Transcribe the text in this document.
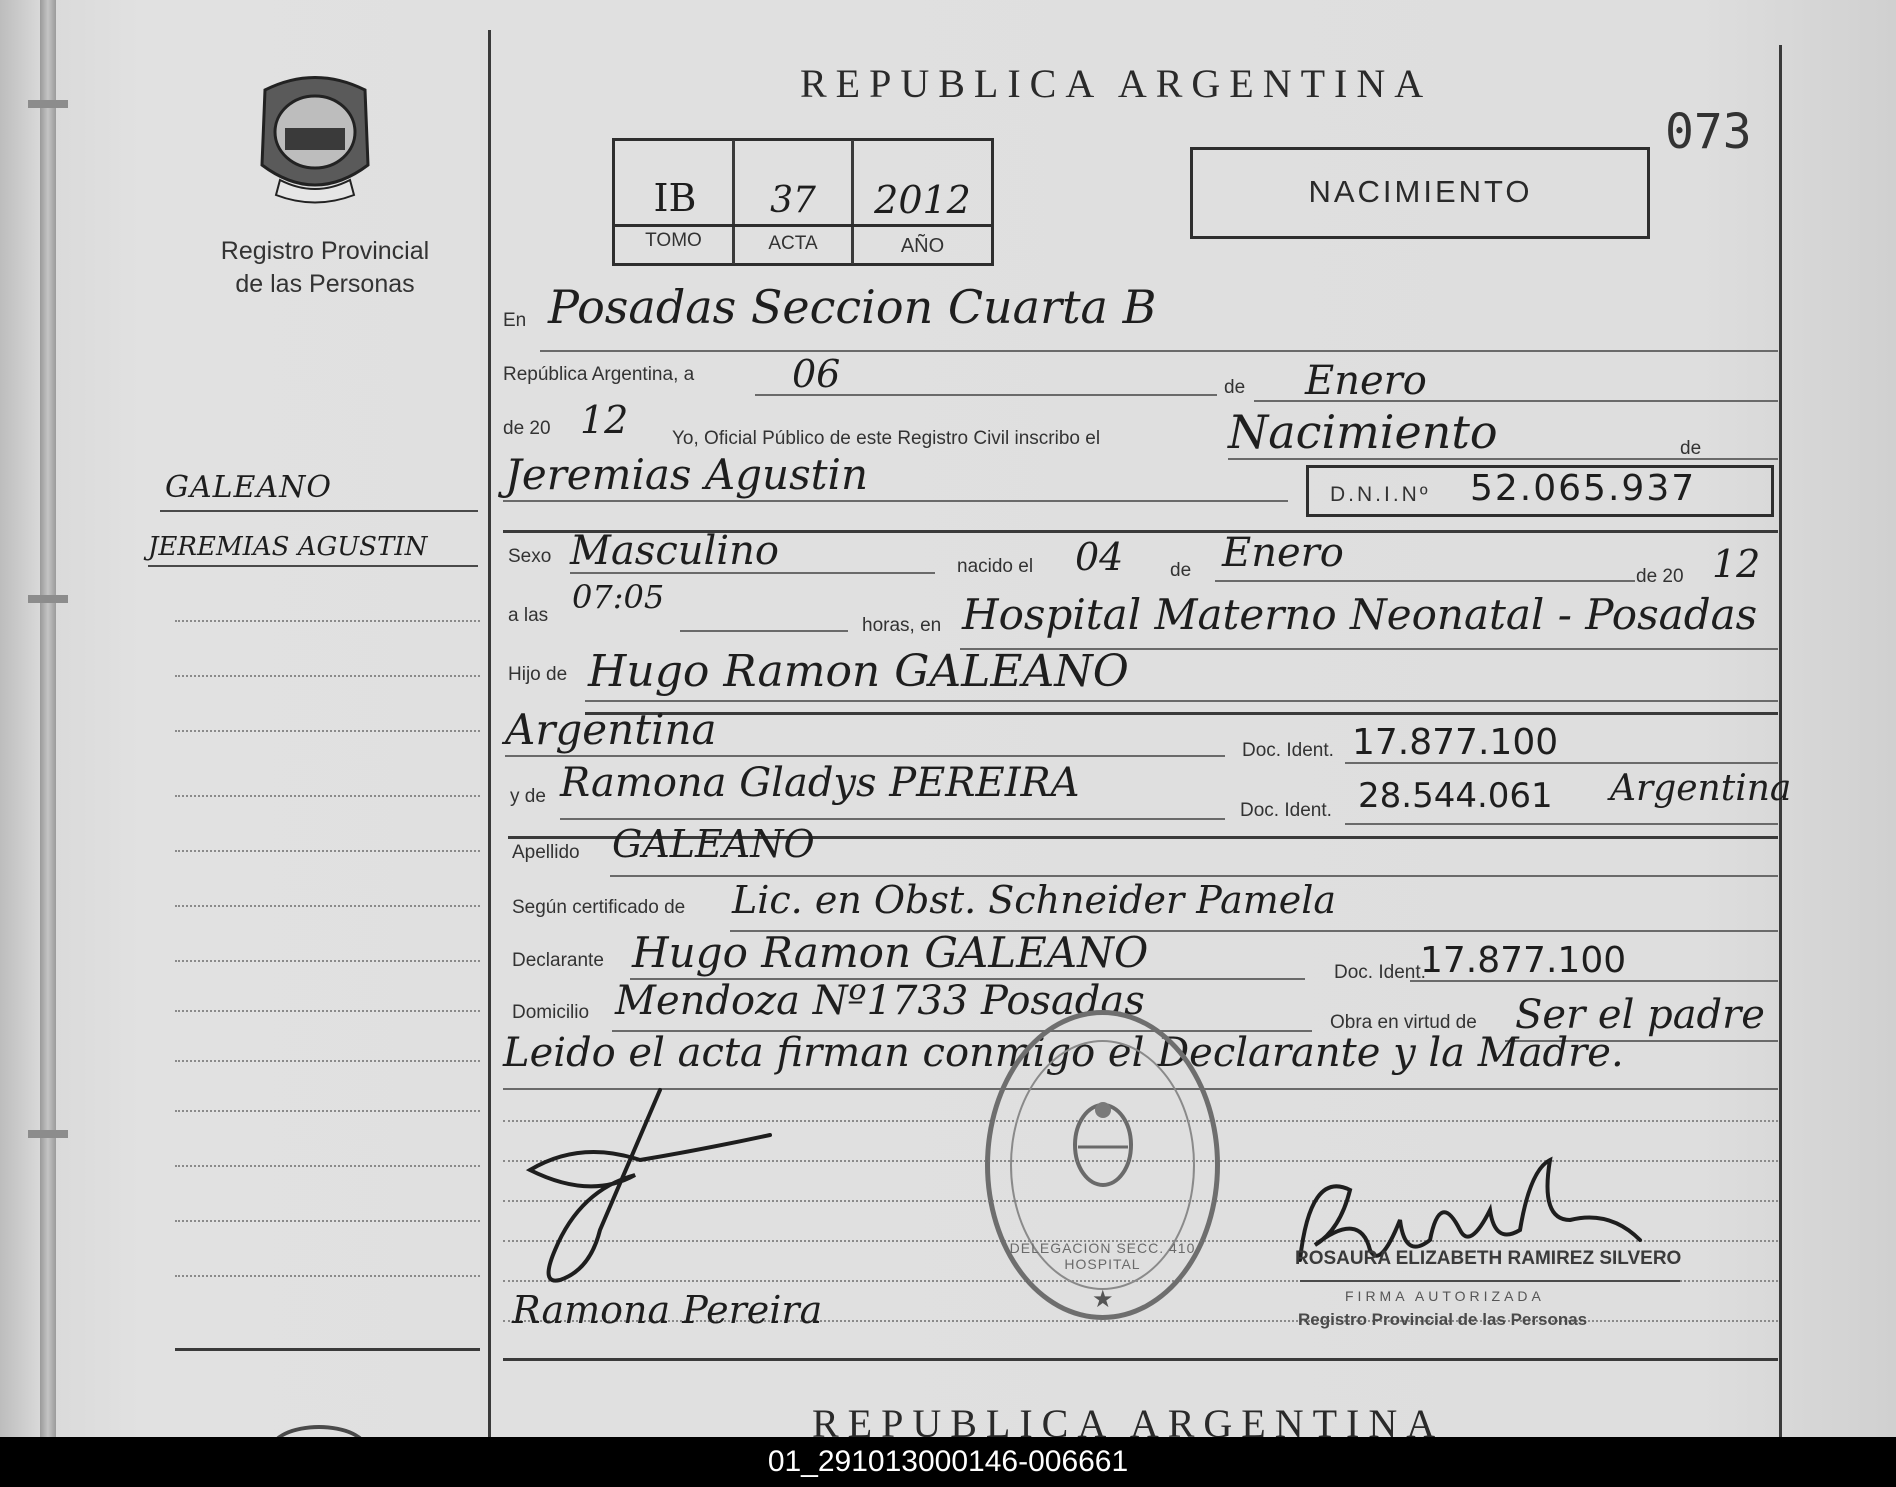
Registro Provincial
de las Personas
GALEANO
JEREMIAS AGUSTIN
REPUBLICA ARGENTINA
073
IB	37	2012
TOMO	ACTA	AÑO
NACIMIENTO
En Posadas Seccion Cuarta B
República Argentina, a	06	de Enero
de 20 12 Yo, Oficial Público de este Registro Civil inscribo el	Nacimiento	de
Jeremias Agustin	D.N.I.Nº 52.065.937
Sexo Masculino	nacido el 04 de Enero
de 20 12
a las 07:05
horas, en Hospital Materno Neonatal - Posadas
Hijo de Hugo Ramon GALEANO
Argentina	Doc. Ident. 17.877.100
y de Ramona Gladys PEREIRA
Doc. Ident. 28.544.061 Argentina
Apellido GALEANO
Según certificado de Lic. en Obst. Schneider Pamela
Declarante Hugo Ramon GALEANO	Doc. Ident.
17.877.100
Domicilio Mendoza Nº1733 Posadas	Obra en virtud de Ser el padre
Leido el acta firman conmigo el Declarante y la Madre.
Ramona Pereira	★
DELEGACION SECC. 410 HOSPITAL	ROSAURA ELIZABETH RAMIREZ SILVERO
FIRMA AUTORIZADA
Registro Provincial de las Personas
REPUBLICA ARGENTINA
01_291013000146-006661
